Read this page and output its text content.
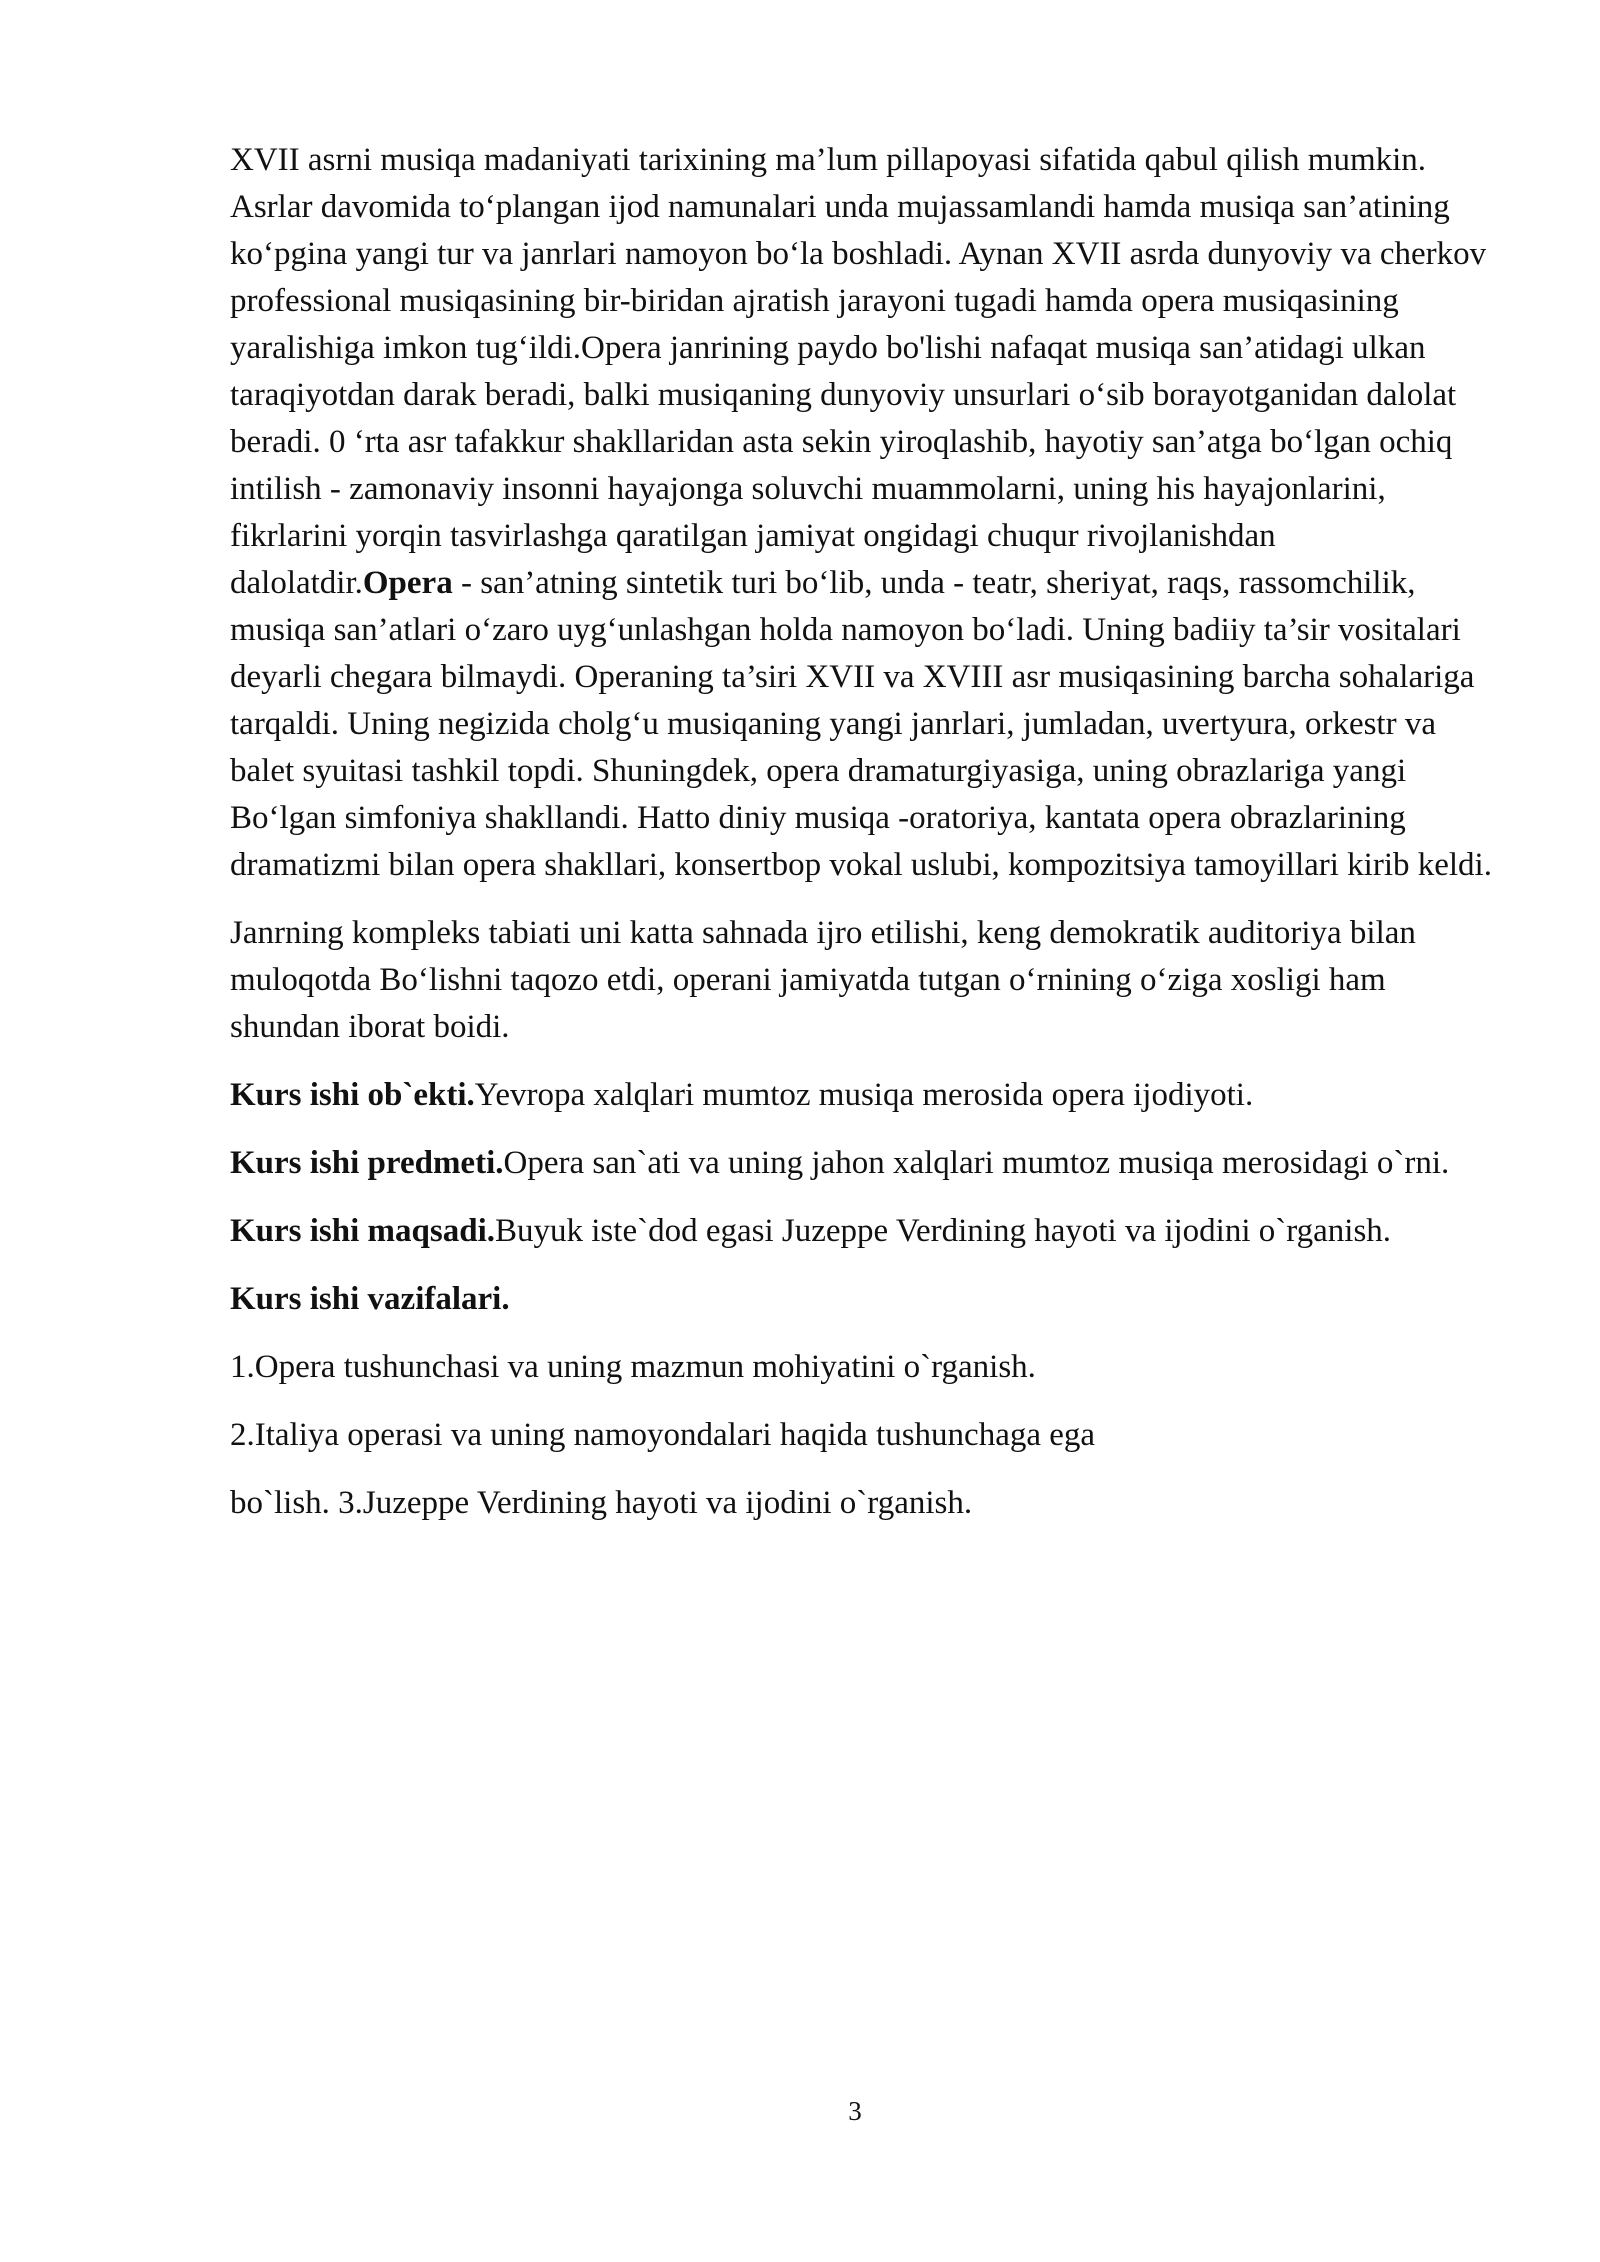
XVII asrni musiqa madaniyati tarixining ma’lum pillapoyasi sifatida qabul qilish mumkin. Asrlar davomida to‘plangan ijod namunalari unda mujassamlandi hamda musiqa san’atining ko‘pgina yangi tur va janrlari namoyon bo‘la boshladi. Aynan XVII asrda dunyoviy va cherkov professional musiqasining bir-biridan ajratish jarayoni tugadi hamda opera musiqasining yaralishiga imkon tug‘ildi.Opera janrining paydo bo'lishi nafaqat musiqa san’atidagi ulkan taraqiyotdan darak beradi, balki musiqaning dunyoviy unsurlari o‘sib borayotganidan dalolat beradi. 0 ‘rta asr tafakkur shakllaridan asta sekin yiroqlashib, hayotiy san’atga bo‘lgan ochiq intilish - zamonaviy insonni hayajonga soluvchi muammolarni, uning his hayajonlarini, fikrlarini yorqin tasvirlashga qaratilgan jamiyat ongidagi chuqur rivojlanishdan dalolatdir.Opera - san’atning sintetik turi bo‘lib, unda - teatr, sheriyat, raqs, rassomchilik, musiqa san’atlari o‘zaro uyg‘unlashgan holda namoyon bo‘ladi. Uning badiiy ta’sir vositalari deyarli chegara bilmaydi. Operaning ta’siri XVII va XVIII asr musiqasining barcha sohalariga tarqaldi. Uning negizida cholg‘u musiqaning yangi janrlari, jumladan, uvertyura, orkestr va balet syuitasi tashkil topdi. Shuningdek, opera dramaturgiyasiga, uning obrazlariga yangi Bo‘lgan simfoniya shakllandi. Hatto diniy musiqa -oratoriya, kantata opera obrazlarining dramatizmi bilan opera shakllari, konsertbop vokal uslubi, kompozitsiya tamoyillari kirib keldi.

Janrning kompleks tabiati uni katta sahnada ijro etilishi, keng demokratik auditoriya bilan muloqotda Bo‘lishni taqozo etdi, operani jamiyatda tutgan o‘rnining o‘ziga xosligi ham shundan iborat boidi.

Kurs ishi ob`ekti.Yevropa xalqlari mumtoz musiqa merosida opera ijodiyoti.

Kurs ishi predmeti.Opera san`ati va uning jahon xalqlari mumtoz musiqa merosidagi o`rni.

Kurs ishi maqsadi.Buyuk iste`dod egasi Juzeppe Verdining hayoti va ijodini o`rganish.

Kurs ishi vazifalari.

1.Opera tushunchasi va uning mazmun mohiyatini o`rganish.

2.Italiya operasi va uning namoyondalari haqida tushunchaga ega

bo`lish. 3.Juzeppe Verdining hayoti va ijodini o`rganish.

3
